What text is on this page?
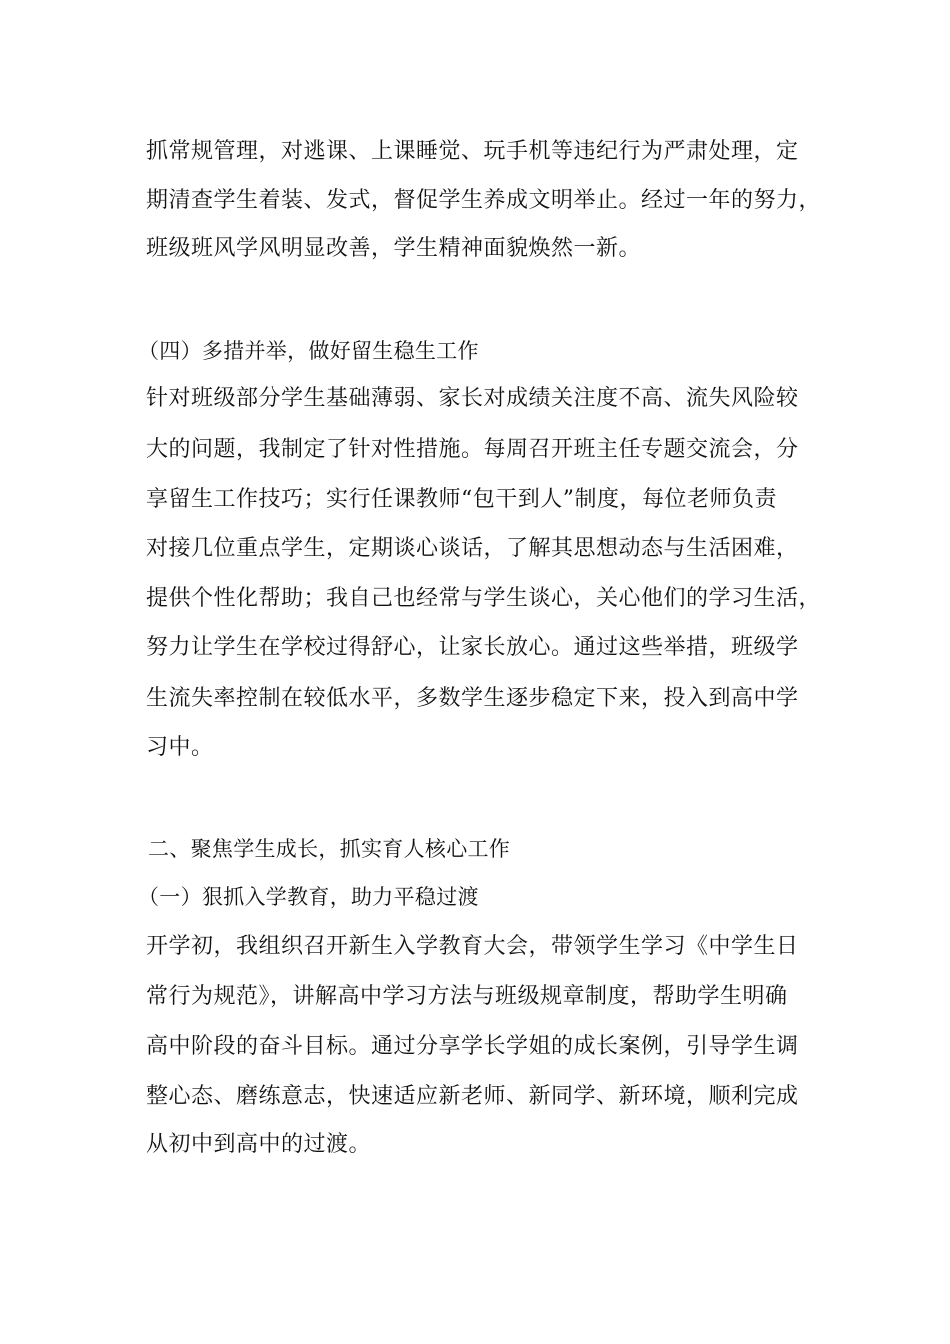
抓常规管理，对逃课、上课睡觉、玩手机等违纪行为严肃处理，定
期清查学生着装、发式，督促学生养成文明举止。经过一年的努力，
班级班风学风明显改善，学生精神面貌焕然一新。
（四）多措并举，做好留生稳生工作
针对班级部分学生基础薄弱、家长对成绩关注度不高、流失风险较
大的问题，我制定了针对性措施。每周召开班主任专题交流会，分
享留生工作技巧；实行任课教师“包干到人”制度，每位老师负责
对接几位重点学生，定期谈心谈话，了解其思想动态与生活困难，
提供个性化帮助；我自己也经常与学生谈心，关心他们的学习生活，
努力让学生在学校过得舒心，让家长放心。通过这些举措，班级学
生流失率控制在较低水平，多数学生逐步稳定下来，投入到高中学
习中。
二、聚焦学生成长，抓实育人核心工作
（一）狠抓入学教育，助力平稳过渡
开学初，我组织召开新生入学教育大会，带领学生学习《中学生日
常行为规范》，讲解高中学习方法与班级规章制度，帮助学生明确
高中阶段的奋斗目标。通过分享学长学姐的成长案例，引导学生调
整心态、磨练意志，快速适应新老师、新同学、新环境，顺利完成
从初中到高中的过渡。
